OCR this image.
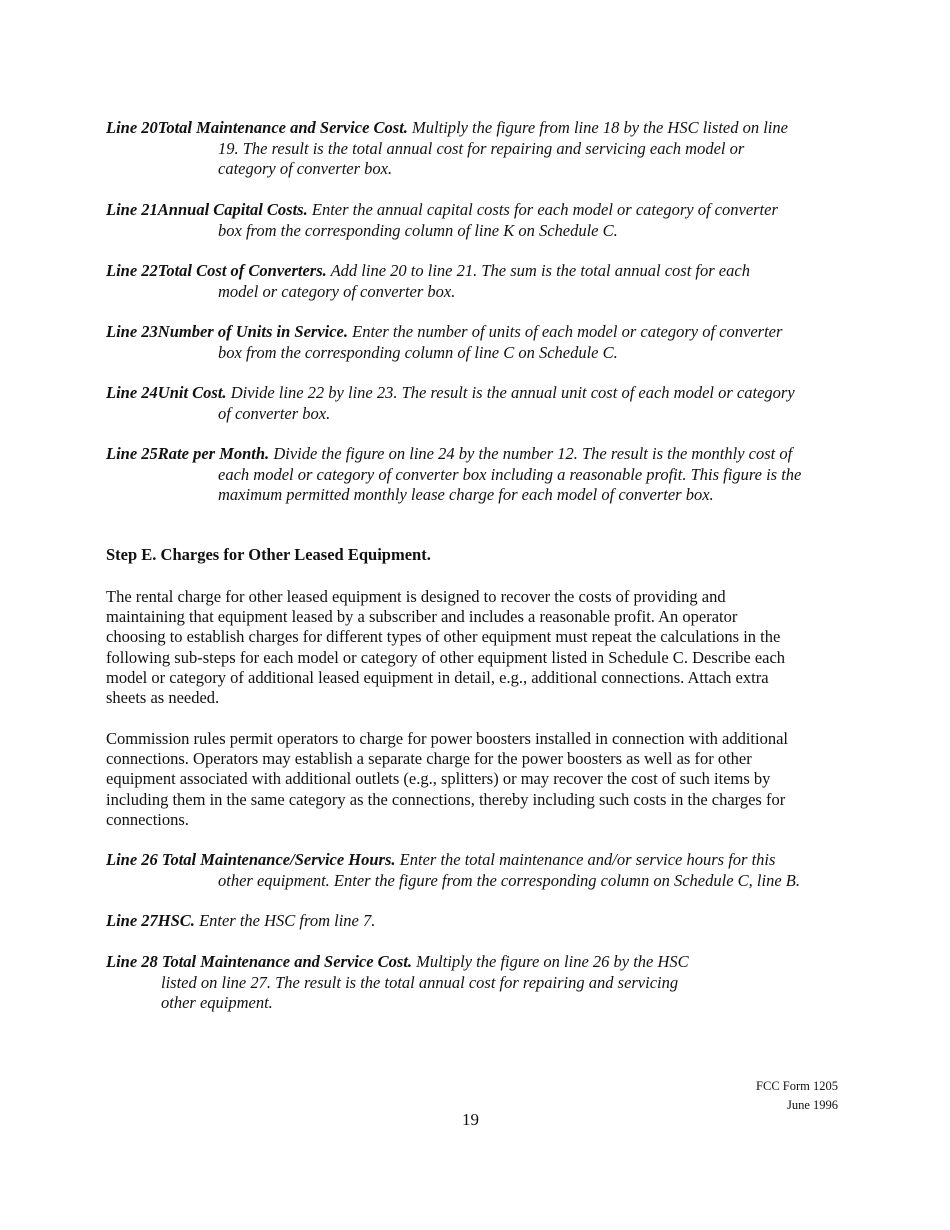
Line 20Total Maintenance and Service Cost. Multiply the figure from line 18 by the HSC listed on line
19. The result is the total annual cost for repairing and servicing each model or
category of converter box.
Line 21Annual Capital Costs. Enter the annual capital costs for each model or category of converter
box from the corresponding column of line K on Schedule C.
Line 22Total Cost of Converters. Add line 20 to line 21. The sum is the total annual cost for each
model or category of converter box.
Line 23Number of Units in Service. Enter the number of units of each model or category of converter
box from the corresponding column of line C on Schedule C.
Line 24Unit Cost. Divide line 22 by line 23. The result is the annual unit cost of each model or category
of converter box.
Line 25Rate per Month. Divide the figure on line 24 by the number 12. The result is the monthly cost of
each model or category of converter box including a reasonable profit. This figure is the
maximum permitted monthly lease charge for each model of converter box.
Step E. Charges for Other Leased Equipment.
The rental charge for other leased equipment is designed to recover the costs of providing and
maintaining that equipment leased by a subscriber and includes a reasonable profit. An operator
choosing to establish charges for different types of other equipment must repeat the calculations in the
following sub-steps for each model or category of other equipment listed in Schedule C. Describe each
model or category of additional leased equipment in detail, e.g., additional connections. Attach extra
sheets as needed.
Commission rules permit operators to charge for power boosters installed in connection with additional
connections. Operators may establish a separate charge for the power boosters as well as for other
equipment associated with additional outlets (e.g., splitters) or may recover the cost of such items by
including them in the same category as the connections, thereby including such costs in the charges for
connections.
Line 26 Total Maintenance/Service Hours. Enter the total maintenance and/or service hours for this
other equipment. Enter the figure from the corresponding column on Schedule C, line B.
Line 27HSC. Enter the HSC from line 7.
Line 28 Total Maintenance and Service Cost. Multiply the figure on line 26 by the HSC
listed on line 27. The result is the total annual cost for repairing and servicing
other equipment.
FCC Form 1205
June 1996
19
